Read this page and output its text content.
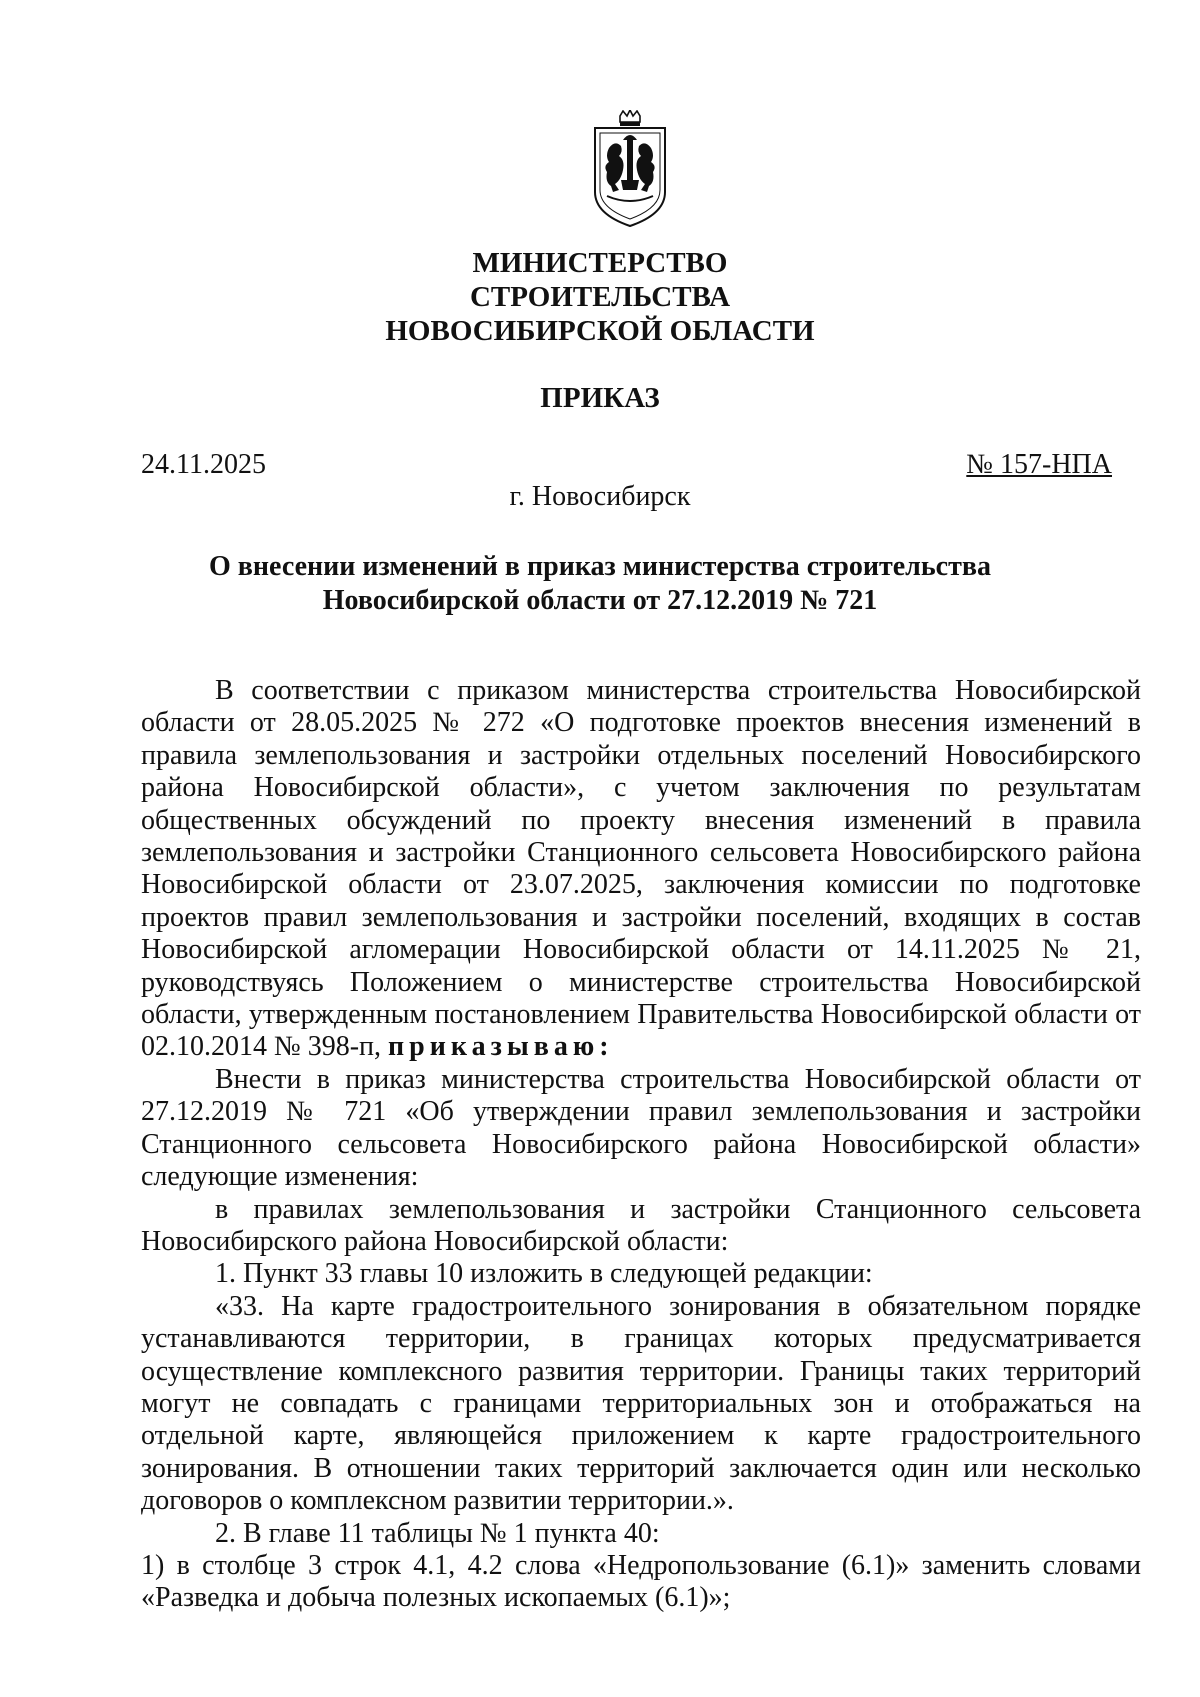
МИНИСТЕРСТВО
СТРОИТЕЛЬСТВА
НОВОСИБИРСКОЙ ОБЛАСТИ
ПРИКАЗ
24.11.2025	№ 157-НПА
г. Новосибирск
О внесении изменений в приказ министерства строительства
Новосибирской области от 27.12.2019 № 721

В соответствии с приказом министерства строительства Новосибирской области от 28.05.2025 № 272 «О подготовке проектов внесения изменений в правила землепользования и застройки отдельных поселений Новосибирского района Новосибирской области», с учетом заключения по результатам общественных обсуждений по проекту внесения изменений в правила землепользования и застройки Станционного сельсовета Новосибирского района Новосибирской области от 23.07.2025, заключения комиссии по подготовке проектов правил землепользования и застройки поселений, входящих в состав Новосибирской агломерации Новосибирской области от 14.11.2025 № 21, руководствуясь Положением о министерстве строительства Новосибирской области, утвержденным постановлением Правительства Новосибирской области от 02.10.2014 № 398-п, приказываю:

Внести в приказ министерства строительства Новосибирской области от 27.12.2019 № 721 «Об утверждении правил землепользования и застройки Станционного сельсовета Новосибирского района Новосибирской области» следующие изменения:

в правилах землепользования и застройки Станционного сельсовета Новосибирского района Новосибирской области:

1. Пункт 33 главы 10 изложить в следующей редакции:

«33. На карте градостроительного зонирования в обязательном порядке устанавливаются территории, в границах которых предусматривается осуществление комплексного развития территории. Границы таких территорий могут не совпадать с границами территориальных зон и отображаться на отдельной карте, являющейся приложением к карте градостроительного зонирования. В отношении таких территорий заключается один или несколько договоров о комплексном развитии территории.».

2. В главе 11 таблицы № 1 пункта 40:

1) в столбце 3 строк 4.1, 4.2 слова «Недропользование (6.1)» заменить словами «Разведка и добыча полезных ископаемых (6.1)»;
